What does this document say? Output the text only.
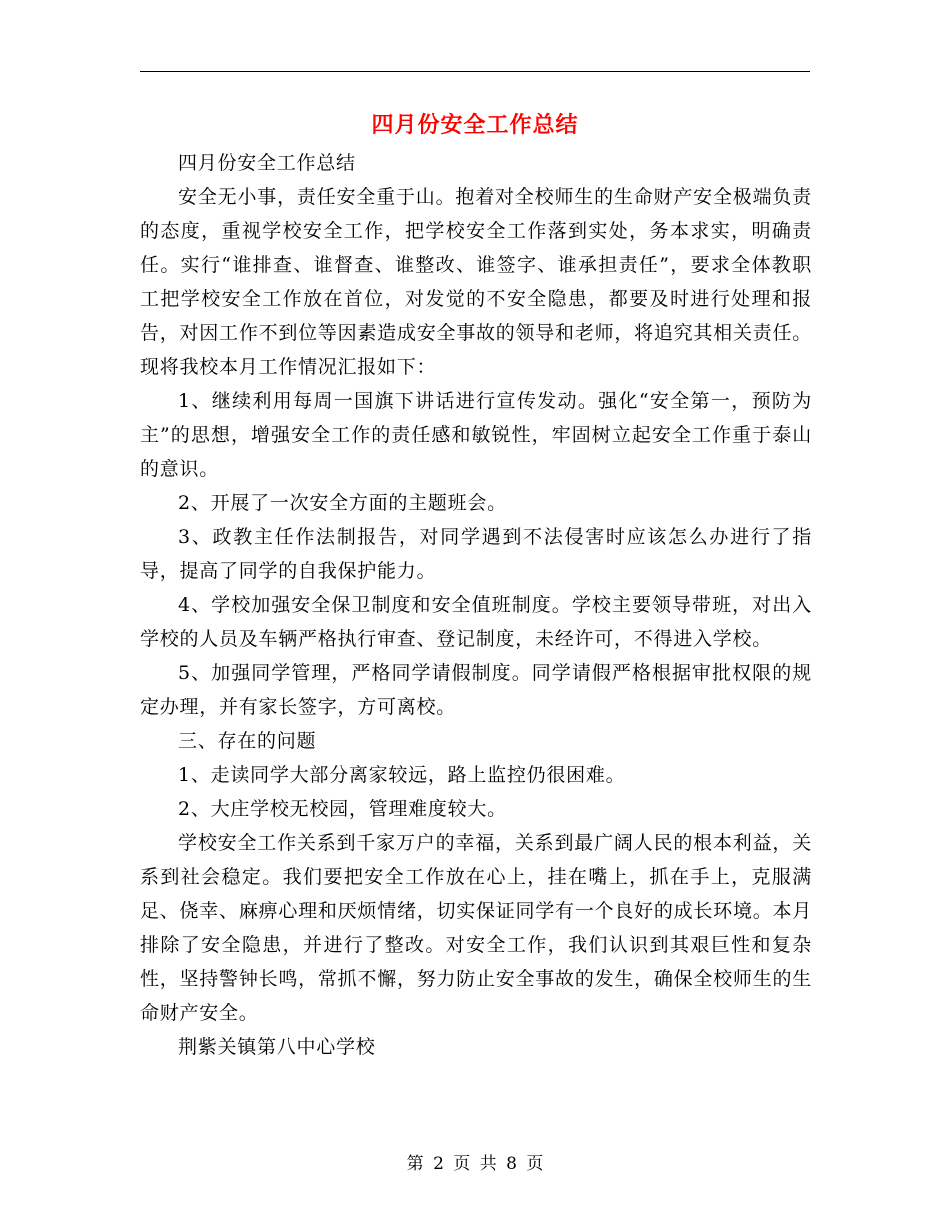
四月份安全工作总结

四月份安全工作总结

安全无小事，责任安全重于山。抱着对全校师生的生命财产安全极端负责的态度，重视学校安全工作，把学校安全工作落到实处，务本求实，明确责任。实行“谁排查、谁督查、谁整改、谁签字、谁承担责任”，要求全体教职工把学校安全工作放在首位，对发觉的不安全隐患，都要及时进行处理和报告，对因工作不到位等因素造成安全事故的领导和老师，将追究其相关责任。现将我校本月工作情况汇报如下：

1、继续利用每周一国旗下讲话进行宣传发动。强化“安全第一，预防为主”的思想，增强安全工作的责任感和敏锐性，牢固树立起安全工作重于泰山的意识。

2、开展了一次安全方面的主题班会。

3、政教主任作法制报告，对同学遇到不法侵害时应该怎么办进行了指导，提高了同学的自我保护能力。

4、学校加强安全保卫制度和安全值班制度。学校主要领导带班，对出入学校的人员及车辆严格执行审查、登记制度，未经许可，不得进入学校。

5、加强同学管理，严格同学请假制度。同学请假严格根据审批权限的规定办理，并有家长签字，方可离校。

三、存在的问题

1、走读同学大部分离家较远，路上监控仍很困难。

2、大庄学校无校园，管理难度较大。

学校安全工作关系到千家万户的幸福，关系到最广阔人民的根本利益，关系到社会稳定。我们要把安全工作放在心上，挂在嘴上，抓在手上，克服满足、侥幸、麻痹心理和厌烦情绪，切实保证同学有一个良好的成长环境。本月排除了安全隐患，并进行了整改。对安全工作，我们认识到其艰巨性和复杂性，坚持警钟长鸣，常抓不懈，努力防止安全事故的发生，确保全校师生的生命财产安全。

荆紫关镇第八中心学校

第 2 页 共 8 页
